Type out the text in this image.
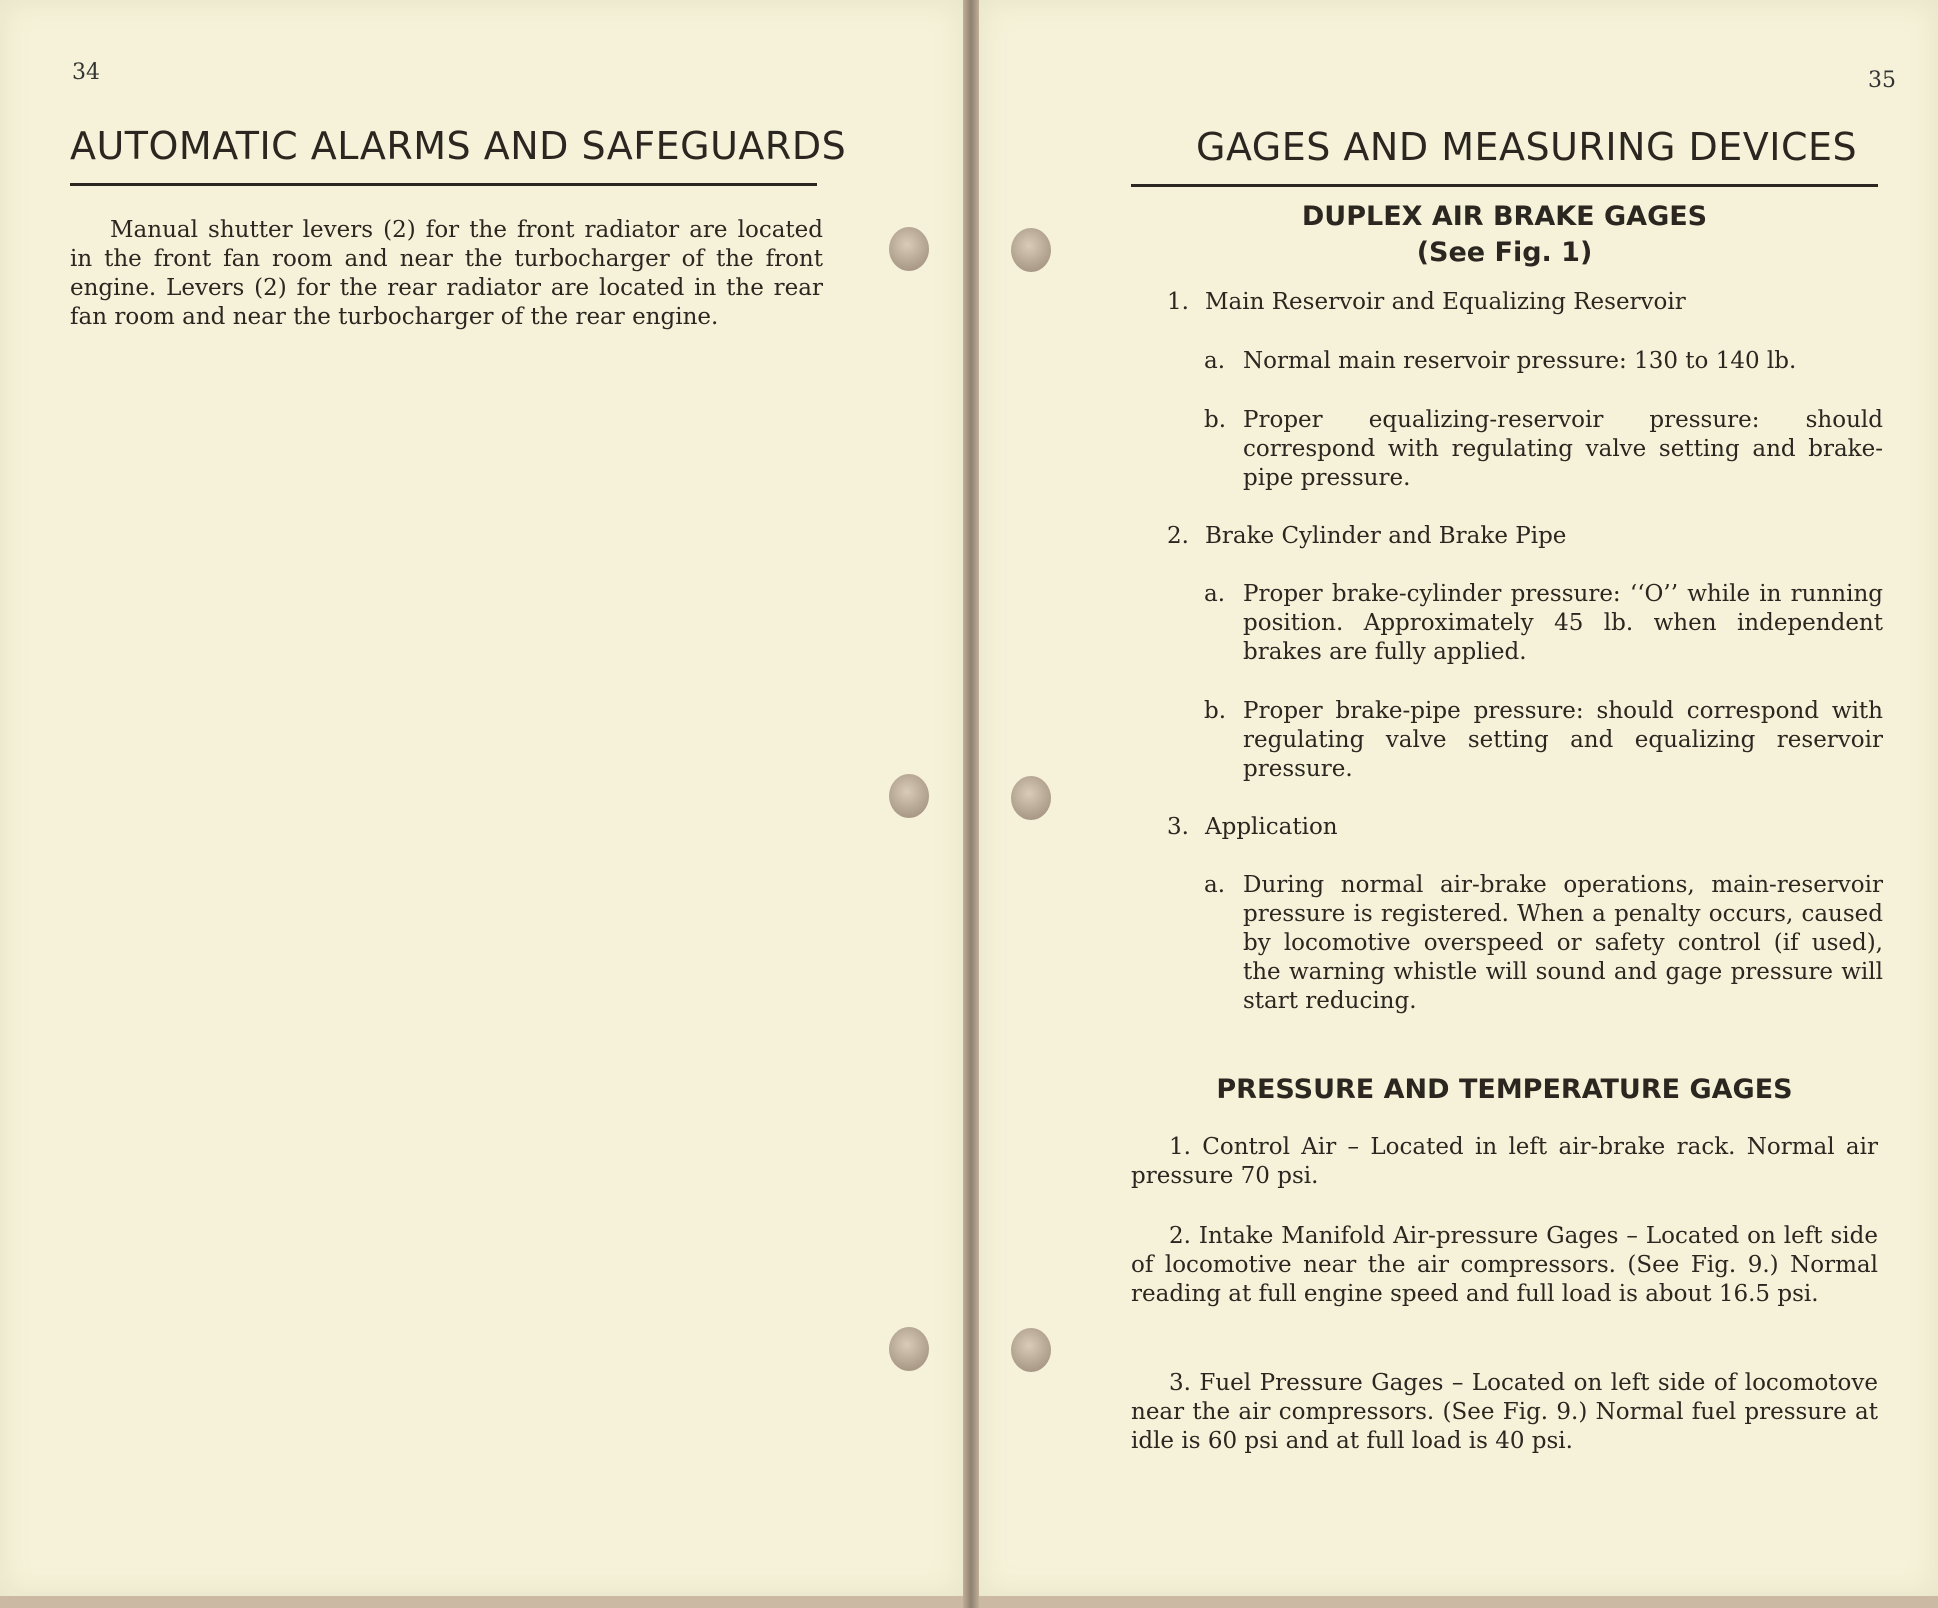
34
AUTOMATIC ALARMS AND SAFEGUARDS
Manual shutter levers (2) for the front radiator are located in the front fan room and near the turbocharger of the front engine. Levers (2) for the rear radiator are located in the rear fan room and near the turbocharger of the rear engine.
35
GAGES AND MEASURING DEVICES
DUPLEX AIR BRAKE GAGES
(See Fig. 1)
1. Main Reservoir and Equalizing Reservoir
a. Normal main reservoir pressure: 130 to 140 lb.
b. Proper equalizing-reservoir pressure: should correspond with regulating valve setting and brake-pipe pressure.
2. Brake Cylinder and Brake Pipe
a. Proper brake-cylinder pressure: ‘‘O’’ while in running position. Approximately 45 lb. when independent brakes are fully applied.
b. Proper brake-pipe pressure: should correspond with regulating valve setting and equalizing reservoir pressure.
3. Application
a. During normal air-brake operations, main-reservoir pressure is registered. When a penalty occurs, caused by locomotive overspeed or safety control (if used), the warning whistle will sound and gage pressure will start reducing.
PRESSURE AND TEMPERATURE GAGES
1. Control Air – Located in left air-brake rack. Normal air pressure 70 psi.
2. Intake Manifold Air-pressure Gages – Located on left side of locomotive near the air compressors. (See Fig. 9.) Normal reading at full engine speed and full load is about 16.5 psi.
3. Fuel Pressure Gages – Located on left side of locomotove near the air compressors. (See Fig. 9.) Normal fuel pressure at idle is 60 psi and at full load is 40 psi.
